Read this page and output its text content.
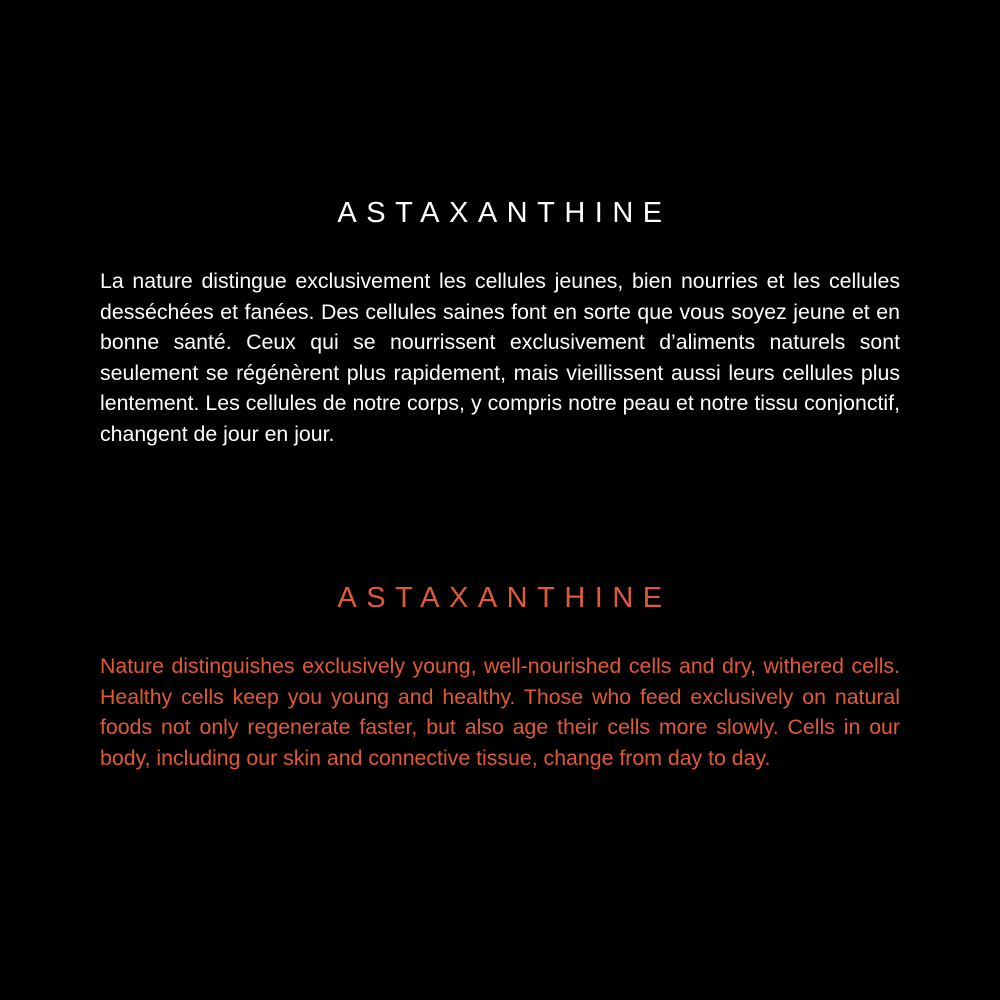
ASTAXANTHINE

La nature distingue exclusivement les cellules jeunes, bien nourries et les cellules desséchées et fanées. Des cellules saines font en sorte que vous soyez jeune et en bonne santé. Ceux qui se nourrissent exclusivement d’aliments naturels sont seulement se régénèrent plus rapidement, mais vieillissent aussi leurs cellules plus lentement. Les cellules de notre corps, y compris notre peau et notre tissu conjonctif, changent de jour en jour.

ASTAXANTHINE

Nature distinguishes exclusively young, well-nourished cells and dry, withered cells. Healthy cells keep you young and healthy. Those who feed exclusively on natural foods not only regenerate faster, but also age their cells more slowly. Cells in our body, including our skin and connective tissue, change from day to day.
